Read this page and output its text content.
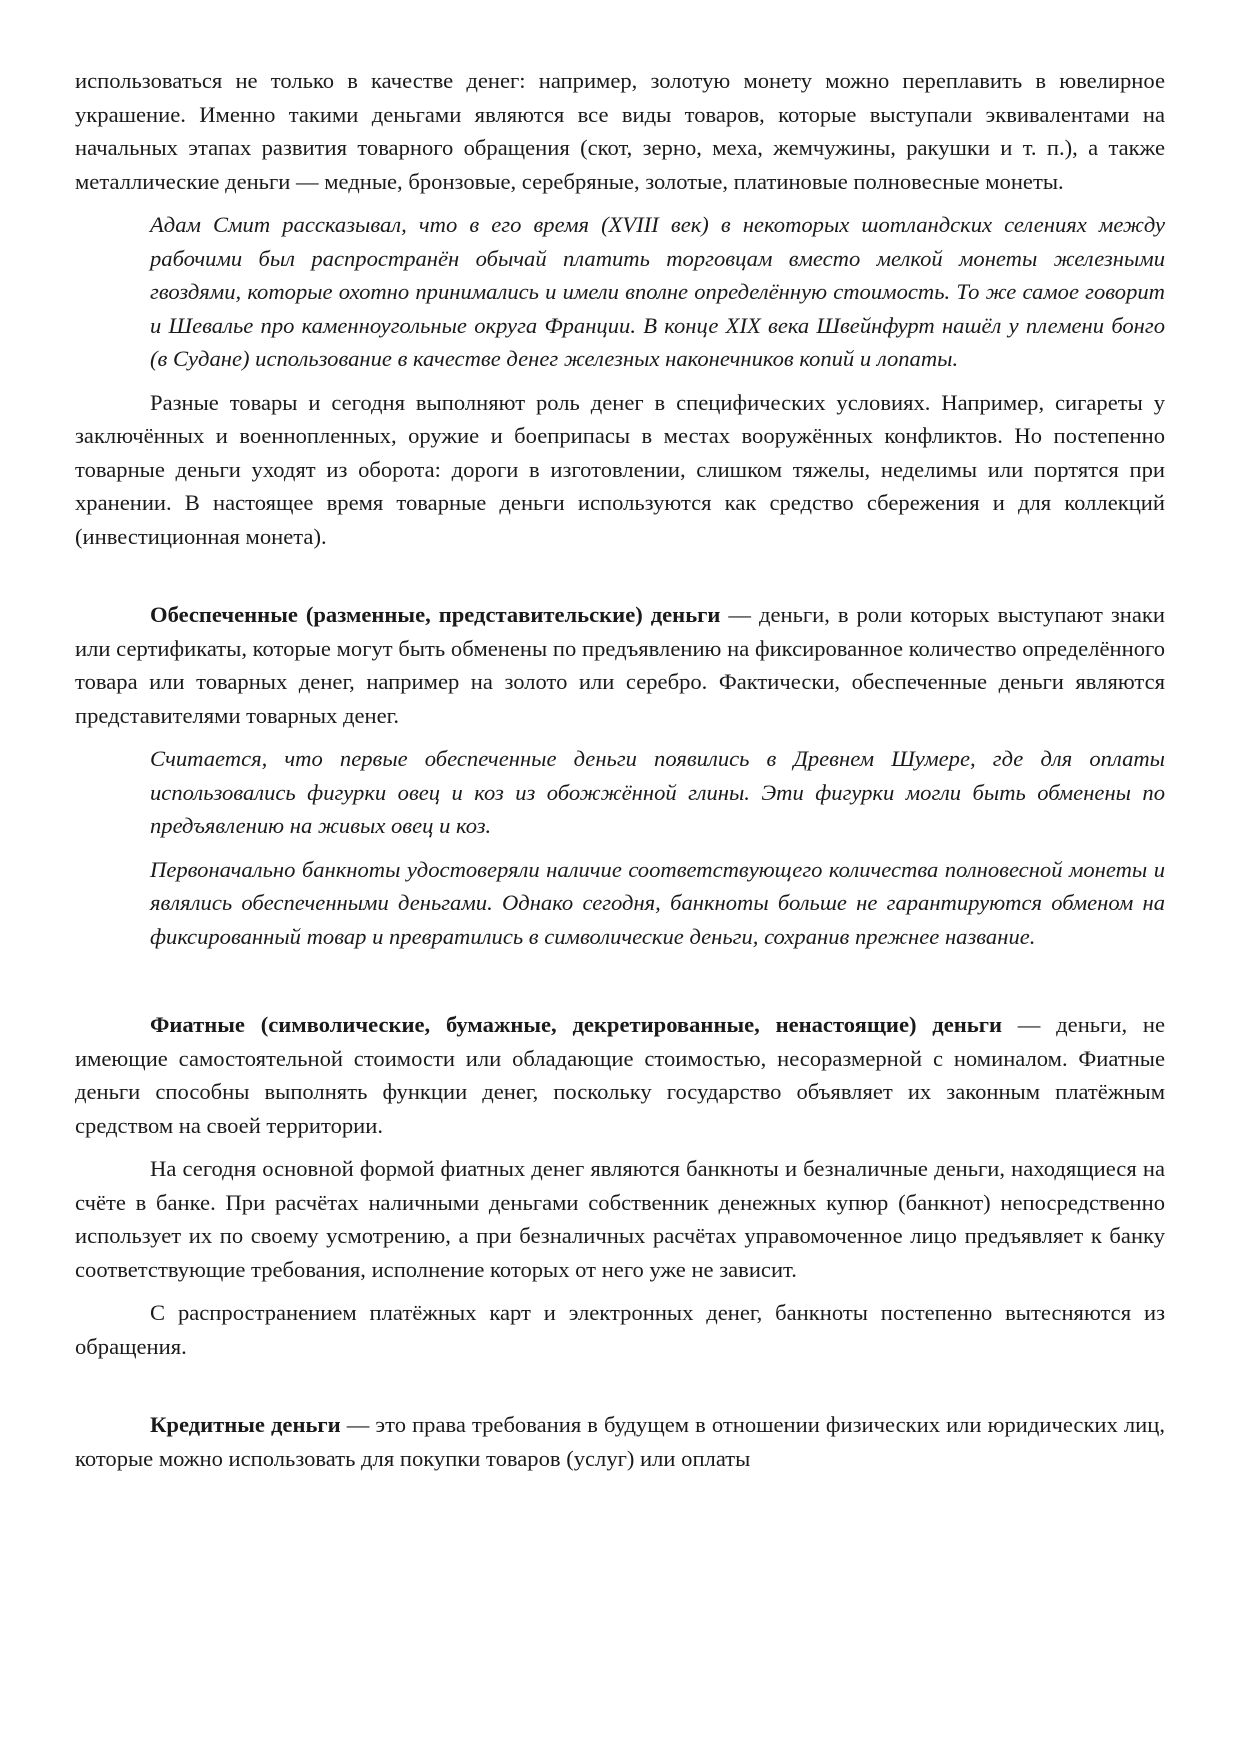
использоваться не только в качестве денег: например, золотую монету можно переплавить в ювелирное украшение. Именно такими деньгами являются все виды товаров, которые выступали эквивалентами на начальных этапах развития товарного обращения (скот, зерно, меха, жемчужины, ракушки и т. п.), а также металлические деньги — медные, бронзовые, серебряные, золотые, платиновые полновесные монеты.

Адам Смит рассказывал, что в его время (XVIII век) в некоторых шотландских селениях между рабочими был распространён обычай платить торговцам вместо мелкой монеты железными гвоздями, которые охотно принимались и имели вполне определённую стоимость. То же самое говорит и Шевалье про каменноугольные округа Франции. В конце XIX века Швейнфурт нашёл у племени бонго (в Судане) использование в качестве денег железных наконечников копий и лопаты.

Разные товары и сегодня выполняют роль денег в специфических условиях. Например, сигареты у заключённых и военнопленных, оружие и боеприпасы в местах вооружённых конфликтов. Но постепенно товарные деньги уходят из оборота: дороги в изготовлении, слишком тяжелы, неделимы или портятся при хранении. В настоящее время товарные деньги используются как средство сбережения и для коллекций (инвестиционная монета).

Обеспеченные (разменные, представительские) деньги — деньги, в роли которых выступают знаки или сертификаты, которые могут быть обменены по предъявлению на фиксированное количество определённого товара или товарных денег, например на золото или серебро. Фактически, обеспеченные деньги являются представителями товарных денег.

Считается, что первые обеспеченные деньги появились в Древнем Шумере, где для оплаты использовались фигурки овец и коз из обожжённой глины. Эти фигурки могли быть обменены по предъявлению на живых овец и коз.

Первоначально банкноты удостоверяли наличие соответствующего количества полновесной монеты и являлись обеспеченными деньгами. Однако сегодня, банкноты больше не гарантируются обменом на фиксированный товар и превратились в символические деньги, сохранив прежнее название.

Фиатные (символические, бумажные, декретированные, ненастоящие) деньги — деньги, не имеющие самостоятельной стоимости или обладающие стоимостью, несоразмерной с номиналом. Фиатные деньги способны выполнять функции денег, поскольку государство объявляет их законным платёжным средством на своей территории.

На сегодня основной формой фиатных денег являются банкноты и безналичные деньги, находящиеся на счёте в банке. При расчётах наличными деньгами собственник денежных купюр (банкнот) непосредственно использует их по своему усмотрению, а при безналичных расчётах управомоченное лицо предъявляет к банку соответствующие требования, исполнение которых от него уже не зависит.

С распространением платёжных карт и электронных денег, банкноты постепенно вытесняются из обращения.

Кредитные деньги — это права требования в будущем в отношении физических или юридических лиц, которые можно использовать для покупки товаров (услуг) или оплаты
